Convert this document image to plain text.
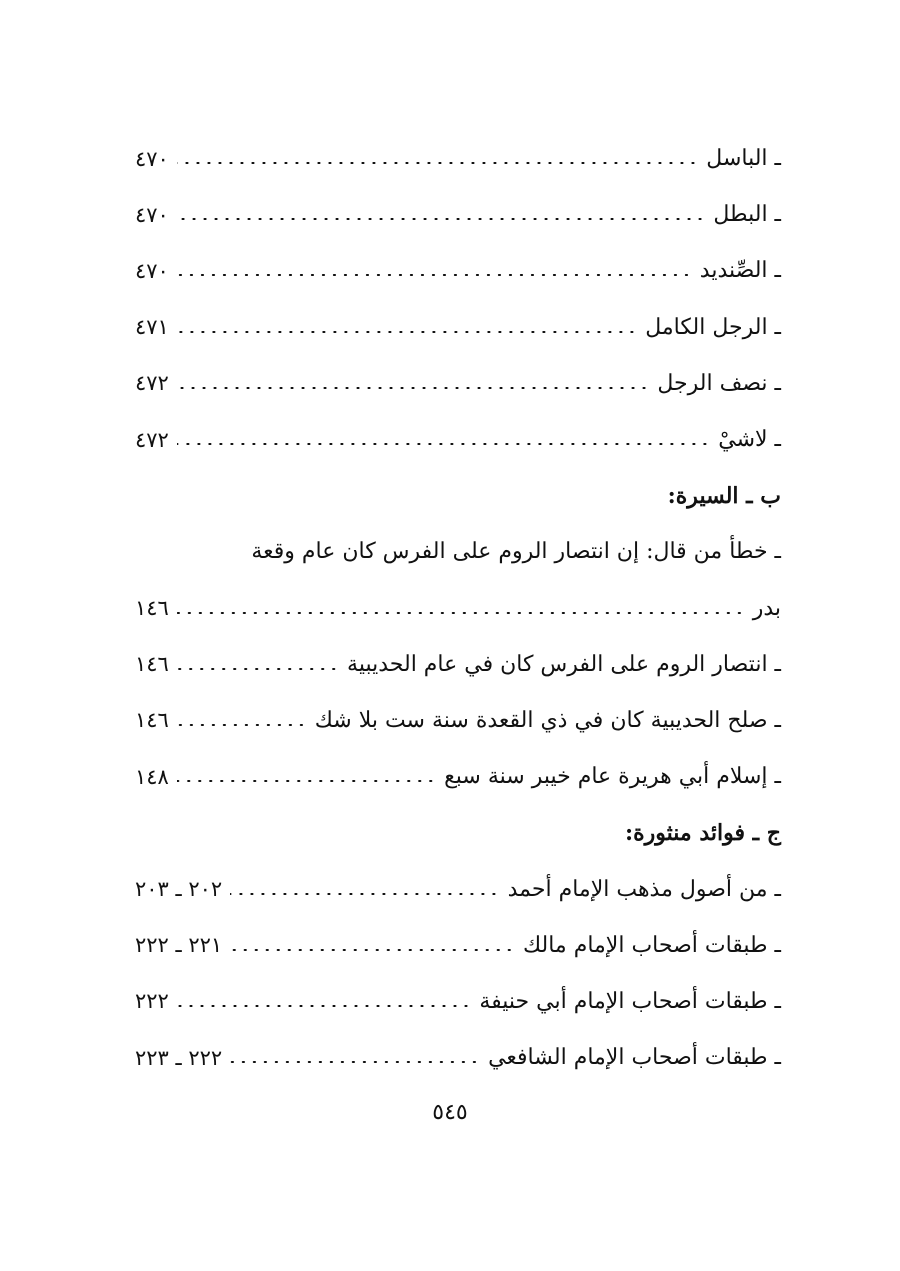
ـ الباسل
٤٧٠
ـ البطل
٤٧٠
ـ الصِّنديد
٤٧٠
ـ الرجل الكامل
٤٧١
ـ نصف الرجل
٤٧٢
ـ لاشيْ
٤٧٢
ب ـ السيرة:
ـ خطأ من قال: إن انتصار الروم على الفرس كان عام وقعة
بدر
١٤٦
ـ انتصار الروم على الفرس كان في عام الحديبية
١٤٦
ـ صلح الحديبية كان في ذي القعدة سنة ست بلا شك
١٤٦
ـ إسلام أبي هريرة عام خيبر سنة سبع
١٤٨
ج ـ فوائد منثورة:
ـ من أصول مذهب الإمام أحمد
٢٠٢ ـ ٢٠٣
ـ طبقات أصحاب الإمام مالك
٢٢١ ـ ٢٢٢
ـ طبقات أصحاب الإمام أبي حنيفة
٢٢٢
ـ طبقات أصحاب الإمام الشافعي
٢٢٢ ـ ٢٢٣
٥٤٥
